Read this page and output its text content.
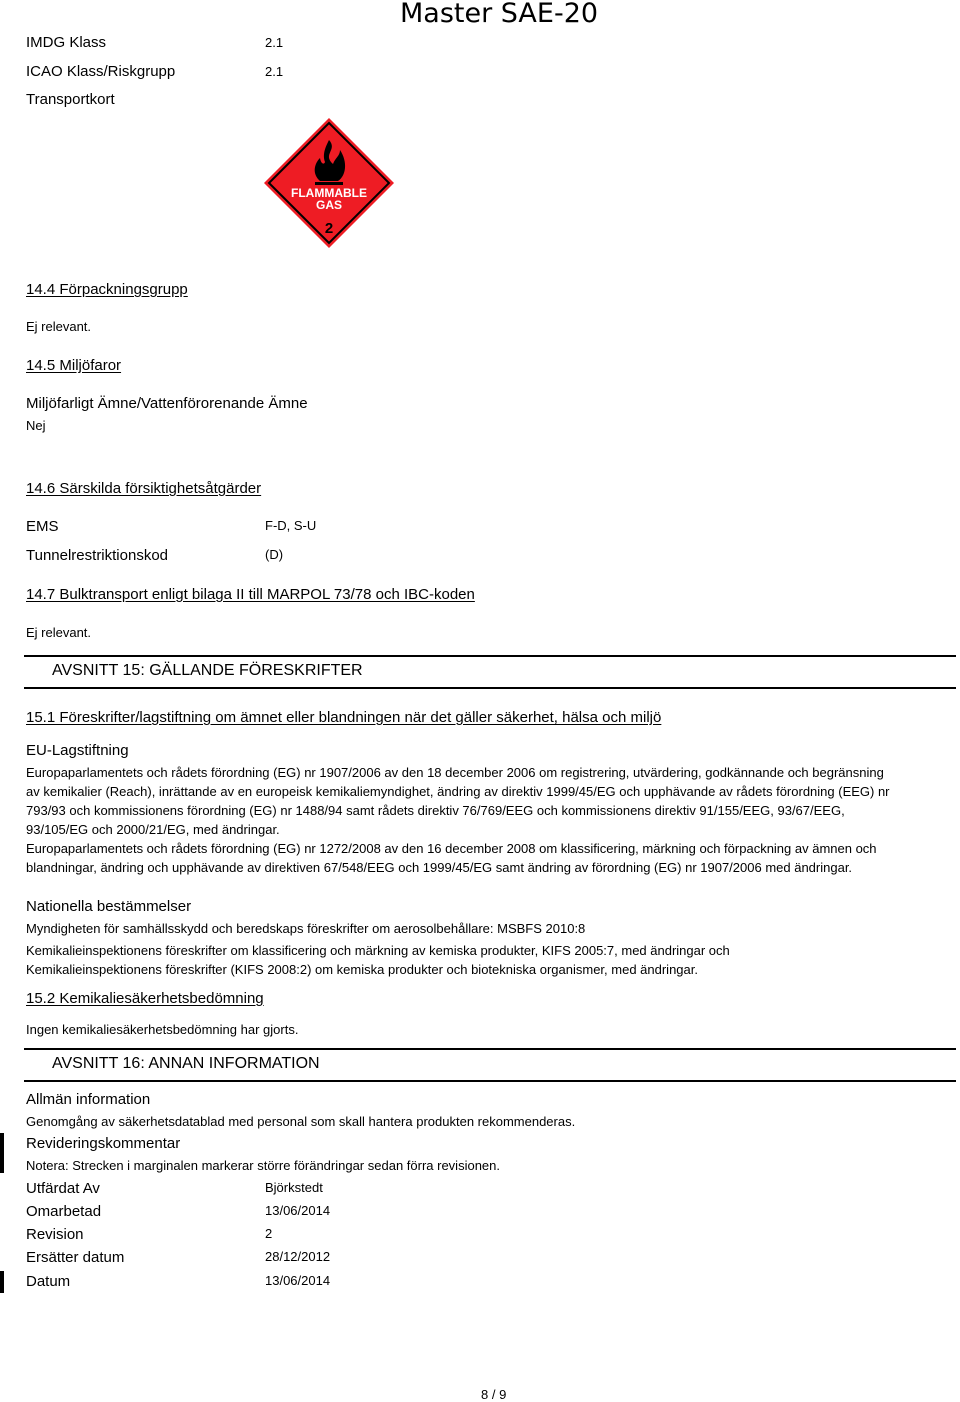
Master SAE-20
IMDG Klass	2.1
ICAO Klass/Riskgrupp	2.1
Transportkort
FLAMMABLE
GAS
2
14.4 Förpackningsgrupp
Ej relevant.
14.5 Miljöfaror
Miljöfarligt Ämne/Vattenförorenande Ämne
Nej
14.6 Särskilda försiktighetsåtgärder
EMS	F-D, S-U
Tunnelrestriktionskod	(D)
14.7 Bulktransport enligt bilaga II till MARPOL 73/78 och IBC-koden
Ej relevant.
AVSNITT 15: GÄLLANDE FÖRESKRIFTER
15.1 Föreskrifter/lagstiftning om ämnet eller blandningen när det gäller säkerhet, hälsa och miljö
EU-Lagstiftning
Europaparlamentets och rådets förordning (EG) nr 1907/2006 av den 18 december 2006 om registrering, utvärdering, godkännande och begränsning av kemikalier (Reach), inrättande av en europeisk kemikaliemyndighet, ändring av direktiv 1999/45/EG och upphävande av rådets förordning (EEG) nr 793/93 och kommissionens förordning (EG) nr 1488/94 samt rådets direktiv 76/769/EEG och kommissionens direktiv 91/155/EEG, 93/67/EEG, 93/105/EG och 2000/21/EG, med ändringar.
Europaparlamentets och rådets förordning (EG) nr 1272/2008 av den 16 december 2008 om klassificering, märkning och förpackning av ämnen och blandningar, ändring och upphävande av direktiven 67/548/EEG och 1999/45/EG samt ändring av förordning (EG) nr 1907/2006 med ändringar.
Nationella bestämmelser
Myndigheten för samhällsskydd och beredskaps föreskrifter om aerosolbehållare: MSBFS 2010:8
Kemikalieinspektionens föreskrifter om klassificering och märkning av kemiska produkter, KIFS 2005:7, med ändringar och Kemikalieinspektionens föreskrifter (KIFS 2008:2) om kemiska produkter och biotekniska organismer, med ändringar.
15.2 Kemikaliesäkerhetsbedömning
Ingen kemikaliesäkerhetsbedömning har gjorts.
AVSNITT 16: ANNAN INFORMATION
Allmän information
Genomgång av säkerhetsdatablad med personal som skall hantera produkten rekommenderas.
Revideringskommentar
Notera: Strecken i marginalen markerar större förändringar sedan förra revisionen.
Utfärdat Av	Björkstedt
Omarbetad	13/06/2014
Revision	2
Ersätter datum	28/12/2012
Datum	13/06/2014
8 / 9
